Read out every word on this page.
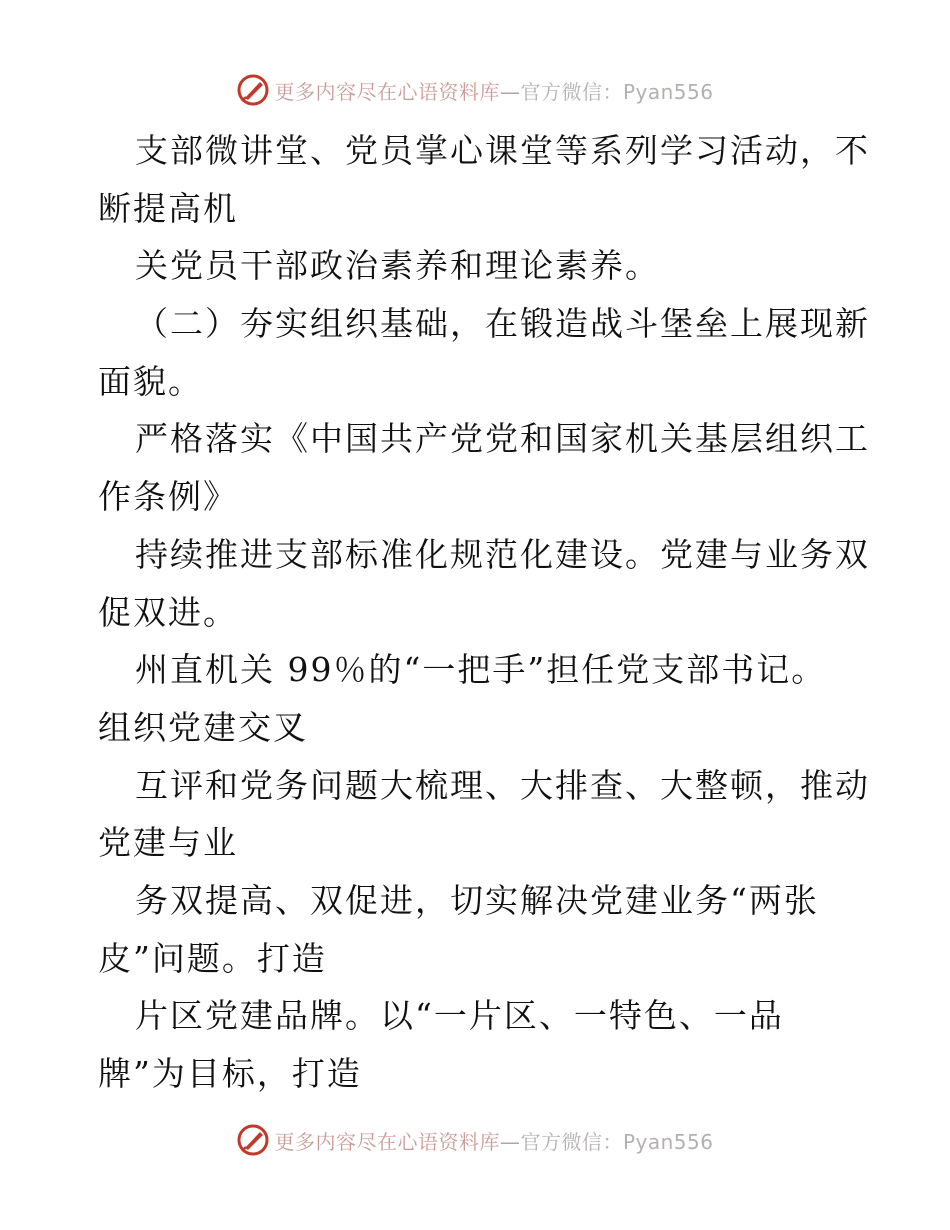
更多内容尽在心语资料库—官方微信：Pyan556
支部微讲堂、党员掌心课堂等系列学习活动，不
断提高机
关党员干部政治素养和理论素养。
（二）夯实组织基础，在锻造战斗堡垒上展现新
面貌。
严格落实《中国共产党党和国家机关基层组织工
作条例》
持续推进支部标准化规范化建设。党建与业务双
促双进。
州直机关 99％的“一把手”担任党支部书记。
组织党建交叉
互评和党务问题大梳理、大排查、大整顿，推动
党建与业
务双提高、双促进，切实解决党建业务“两张
皮”问题。打造
片区党建品牌。以“一片区、一特色、一品
牌”为目标，打造
更多内容尽在心语资料库—官方微信：Pyan556
